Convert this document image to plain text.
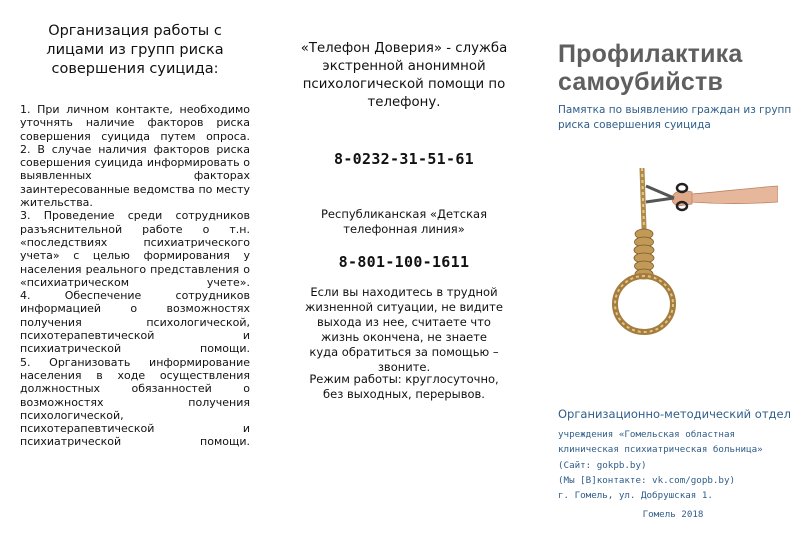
Организация работы с лицами из групп риска совершения суицида:

1. При личном контакте, необходимо уточнять наличие факторов риска совершения суицида путем опроса.

2. В случае наличия факторов риска совершения суицида информировать о выявленных факторах заинтересованные ведомства по месту жительства.

3. Проведение среди сотрудников разъяснительной работе о т.н. «последствиях психиатрического учета» с целью формирования у населения реального представления о «психиатрическом учете».

4. Обеспечение сотрудников информацией о возможностях получения психологической, психотерапевтической и психиатрической помощи.

5. Организовать информирование населения в ходе осуществления должностных обязанностей о возможностях получения психологической, психотерапевтической и психиатрической помощи.

«Телефон Доверия» - служба экстренной анонимной психологической помощи по телефону.
8-0232-31-51-61
Республиканская «Детская телефонная линия»
8-801-100-1611
Если вы находитесь в трудной жизненной ситуации, не видите выхода из нее, считаете что жизнь окончена, не знаете куда обратиться за помощью – звоните.
Режим работы: круглосуточно, без выходных, перерывов.
Профилактика
самоубийств
Памятка по выявлению граждан из групп риска совершения суицида
Организационно-методический отдел
учреждения «Гомельская областная
клиническая психиатрическая больница»
(Сайт: gokpb.by)
(Мы [В]контакте: vk.com/gopb.by)
г. Гомель, ул. Добрушская 1.
Гомель 2018
